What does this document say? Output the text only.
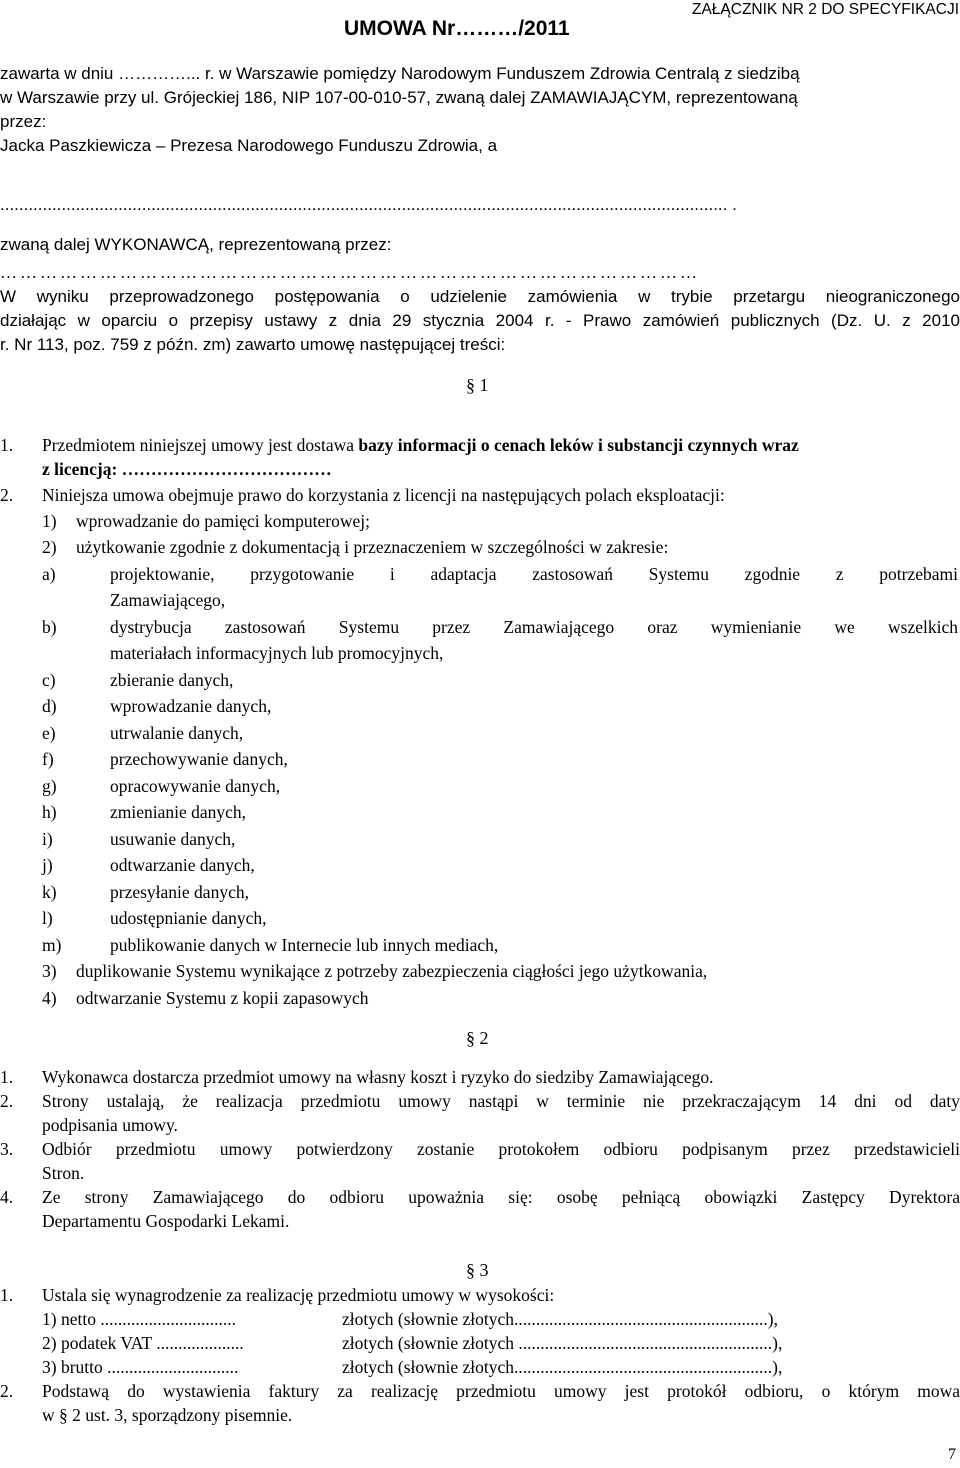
UMOWA Nr………/2011
ZAŁĄCZNIK NR 2 DO SPECYFIKACJI

zawarta w dniu …………... r. w Warszawie pomiędzy Narodowym Funduszem Zdrowia Centralą z siedzibą

w Warszawie przy ul. Grójeckiej 186, NIP 107-00-010-57, zwaną dalej ZAMAWIAJĄCYM, reprezentowaną

przez:

Jacka Paszkiewicza – Prezesa Narodowego Funduszu Zdrowia, a

.......................................................................................................................................................... .
zwaną dalej WYKONAWCĄ, reprezentowaną przez:
……………………………………………………………………………………………

W wyniku przeprowadzonego postępowania o udzielenie zamówienia w trybie przetargu nieograniczonego

działając w oparciu o przepisy ustawy z dnia 29 stycznia 2004 r. - Prawo zamówień publicznych (Dz. U. z 2010

r. Nr 113, poz. 759 z późn. zm) zawarto umowę następującej treści:

§ 1
1. Przedmiotem niniejszej umowy jest dostawa bazy informacji o cenach leków i substancji czynnych wraz
z licencją: ………………………………
2. Niniejsza umowa obejmuje prawo do korzystania z licencji na następujących polach eksploatacji:
1) wprowadzanie do pamięci komputerowej;
2) użytkowanie zgodnie z dokumentacją i przeznaczeniem w szczególności w zakresie:
a)	projektowanie, przygotowanie i adaptacja zastosowań Systemu zgodnie z potrzebami
Zamawiającego,
b)	dystrybucja zastosowań Systemu przez Zamawiającego oraz wymienianie we wszelkich
materiałach informacyjnych lub promocyjnych,
c)	zbieranie danych,
d)	wprowadzanie danych,
e)	utrwalanie danych,
f)	przechowywanie danych,
g)	opracowywanie danych,
h)	zmienianie danych,
i)	usuwanie danych,
j)	odtwarzanie danych,
k)	przesyłanie danych,
l)	udostępnianie danych,
m)	publikowanie danych w Internecie lub innych mediach,
3) duplikowanie Systemu wynikające z potrzeby zabezpieczenia ciągłości jego użytkowania,
4) odtwarzanie Systemu z kopii zapasowych
§ 2
1. Wykonawca dostarcza przedmiot umowy na własny koszt i ryzyko do siedziby Zamawiającego.
2. Strony ustalają, że realizacja przedmiotu umowy nastąpi w terminie nie przekraczającym 14 dni od daty
podpisania umowy.
3. Odbiór przedmiotu umowy potwierdzony zostanie protokołem odbioru podpisanym przez przedstawicieli
Stron.
4. Ze strony Zamawiającego do odbioru upoważnia się: osobę pełniącą obowiązki Zastępcy Dyrektora
Departamentu Gospodarki Lekami.
§ 3
1. Ustala się wynagrodzenie za realizację przedmiotu umowy w wysokości:
1) netto ...............................	złotych (słownie złotych..........................................................),
2) podatek VAT ....................	złotych (słownie złotych ..........................................................),
3) brutto ..............................	złotych (słownie złotych...........................................................),
2. Podstawą do wystawienia faktury za realizację przedmiotu umowy jest protokół odbioru, o którym mowa
w § 2 ust. 3, sporządzony pisemnie.
7
